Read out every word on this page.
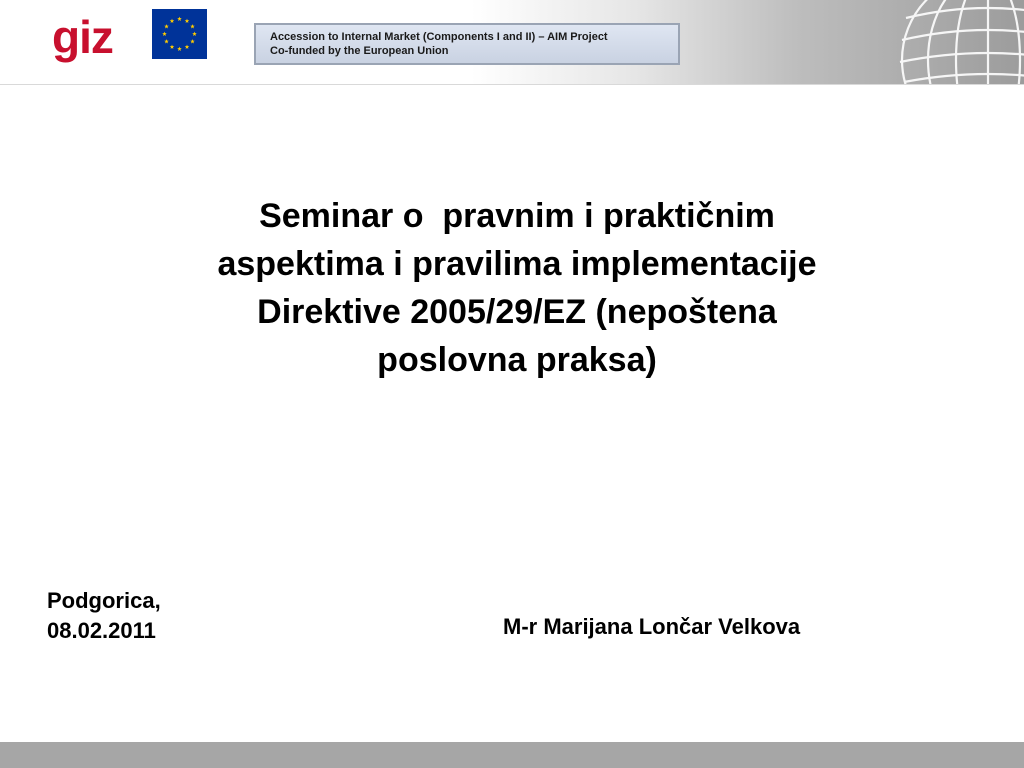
giz	Accession to Internal Market (Components I and II) – AIM Project
Co-funded by the European Union
Seminar o  pravnim i praktičnim
aspektima i pravilima implementacije
Direktive 2005/29/EZ (nepoštena
poslovna praksa)
Podgorica,
08.02.2011	M-r Marijana Lončar Velkova
